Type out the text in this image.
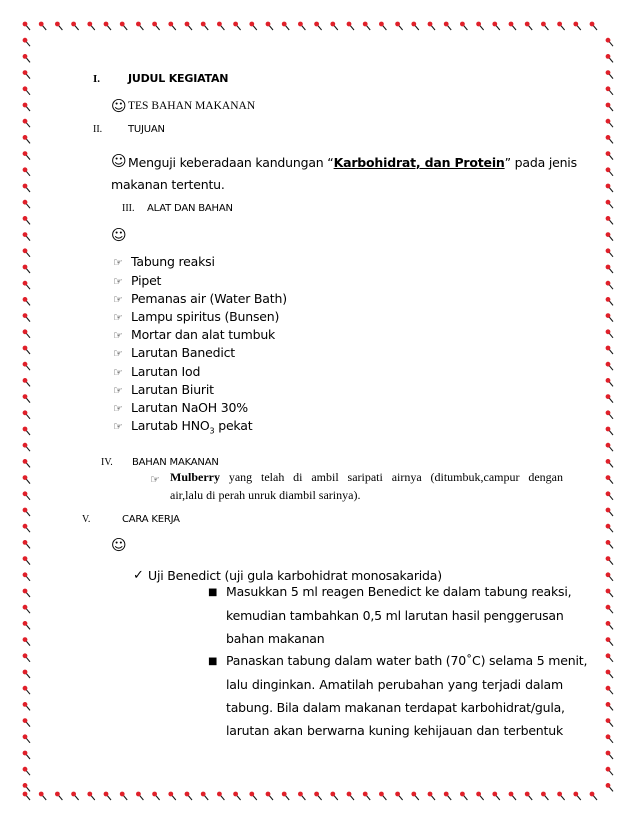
I.	JUDUL KEGIATAN
☺ TES BAHAN MAKANAN
II.	TUJUAN
☺ Menguji keberadaan kandungan “Karbohidrat, dan Protein” pada jenis
makanan tertentu.
III. ALAT DAN BAHAN
☺
☞ Tabung reaksi
☞ Pipet
☞ Pemanas air (Water Bath)
☞ Lampu spiritus (Bunsen)
☞ Mortar dan alat tumbuk
☞ Larutan Banedict
☞ Larutan Iod
☞ Larutan Biurit
☞ Larutan NaOH 30%
☞ Larutab $HNO_3$ pekat
IV. BAHAN MAKANAN
☞ Mulberry yang telah di ambil saripati airnya (ditumbuk,campur dengan
air,lalu di perah unruk diambil sarinya).
V.	CARA KERJA
☺
✓ Uji Benedict (uji gula karbohidrat monosakarida)
■ Masukkan 5 ml reagen Benedict ke dalam tabung reaksi,
kemudian tambahkan 0,5 ml larutan hasil penggerusan
bahan makanan
■ Panaskan tabung dalam water bath (70˚C) selama 5 menit,
lalu dinginkan. Amatilah perubahan yang terjadi dalam
tabung. Bila dalam makanan terdapat karbohidrat/gula,
larutan akan berwarna kuning kehijauan dan terbentuk
